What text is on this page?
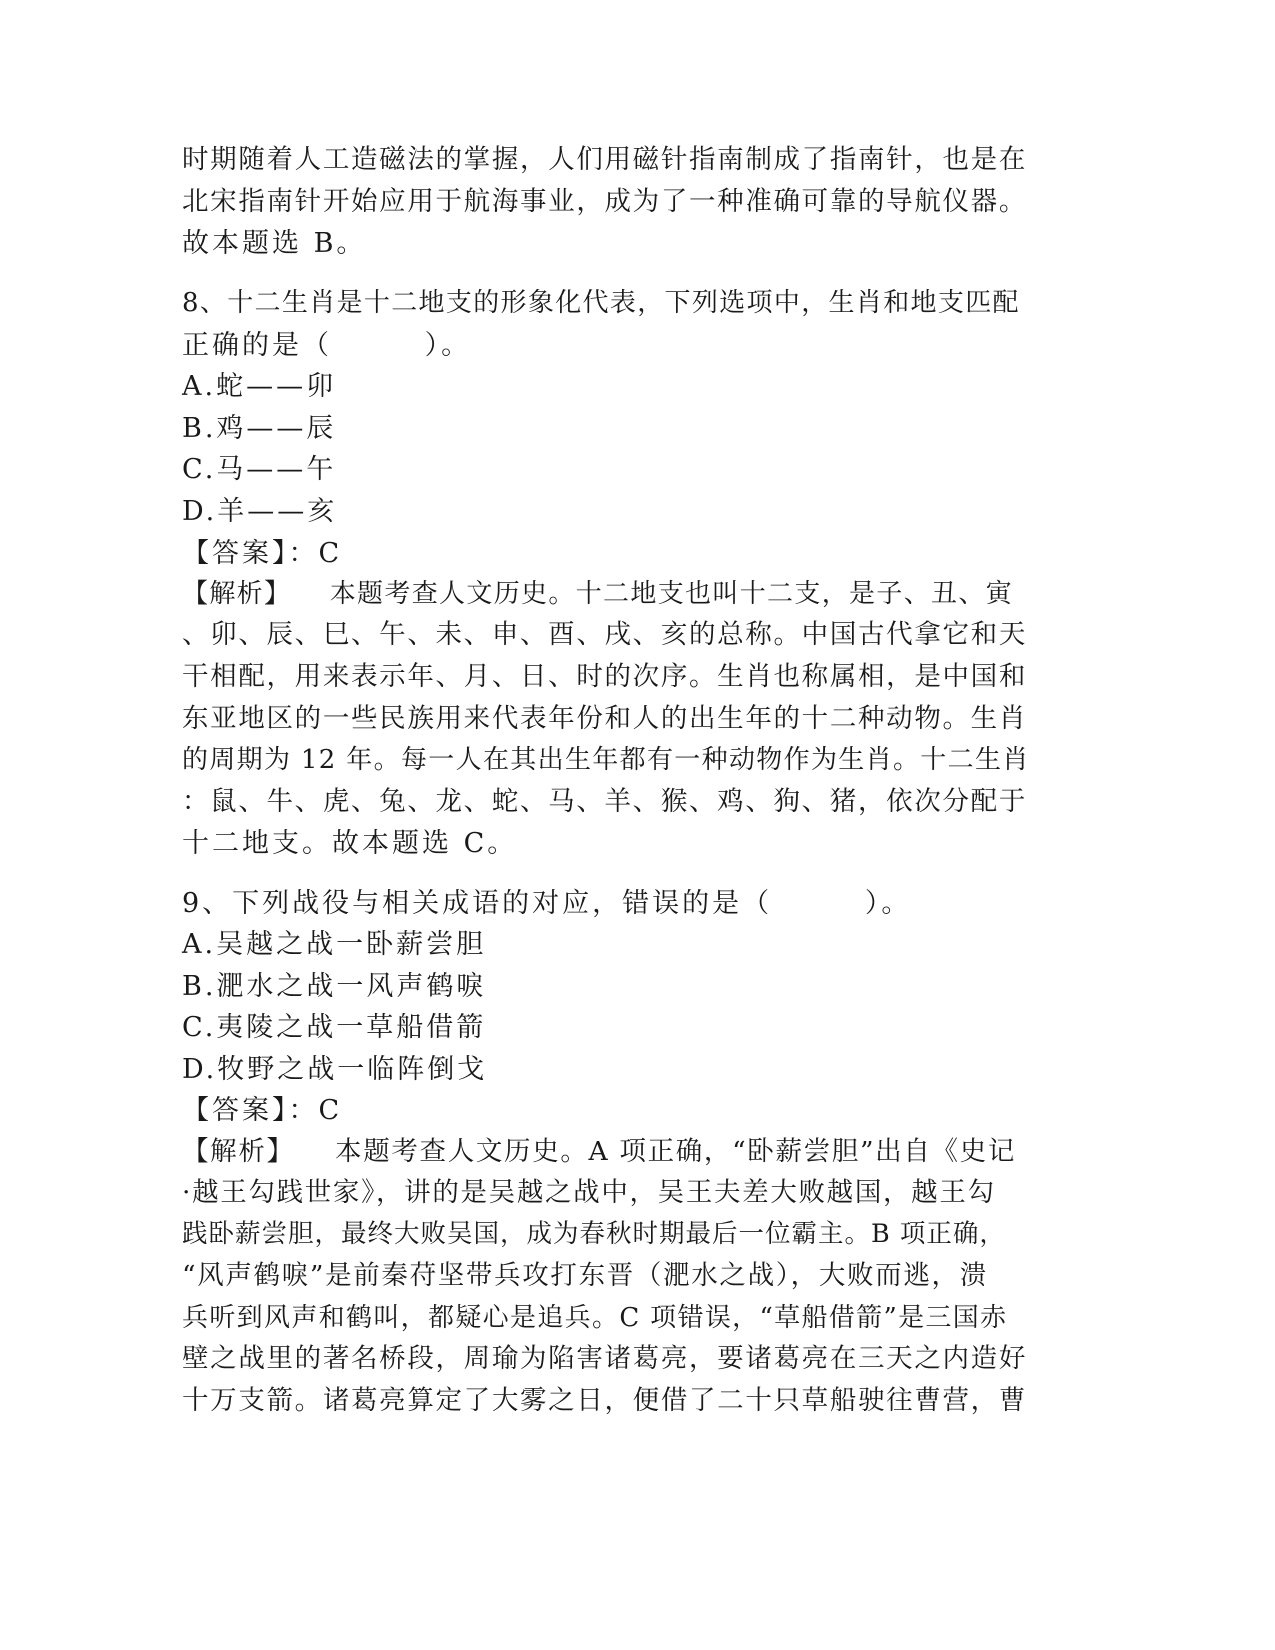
时期随着人工造磁法的掌握，人们用磁针指南制成了指南针，也是在
北宋指南针开始应用于航海事业，成为了一种准确可靠的导航仪器。
故本题选 B。
8、十二生肖是十二地支的形象化代表，下列选项中，生肖和地支匹配
正确的是（        ）。
A.蛇——卯
B.鸡——辰
C.马——午
D.羊——亥
【答案】：C
【解析】    本题考查人文历史。十二地支也叫十二支，是子、丑、寅
、卯、辰、巳、午、未、申、酉、戌、亥的总称。中国古代拿它和天
干相配，用来表示年、月、日、时的次序。生肖也称属相，是中国和
东亚地区的一些民族用来代表年份和人的出生年的十二种动物。生肖
的周期为 12 年。每一人在其出生年都有一种动物作为生肖。十二生肖
：鼠、牛、虎、兔、龙、蛇、马、羊、猴、鸡、狗、猪，依次分配于
十二地支。故本题选 C。
9、下列战役与相关成语的对应，错误的是（        ）。
A.吴越之战一卧薪尝胆
B.淝水之战一风声鹤唳
C.夷陵之战一草船借箭
D.牧野之战一临阵倒戈
【答案】：C
【解析】    本题考查人文历史。A 项正确，“卧薪尝胆”出自《史记
·越王勾践世家》，讲的是吴越之战中，吴王夫差大败越国，越王勾
践卧薪尝胆，最终大败吴国，成为春秋时期最后一位霸主。B 项正确，
“风声鹤唳”是前秦苻坚带兵攻打东晋（淝水之战），大败而逃，溃
兵听到风声和鹤叫，都疑心是追兵。C 项错误，“草船借箭”是三国赤
壁之战里的著名桥段，周瑜为陷害诸葛亮，要诸葛亮在三天之内造好
十万支箭。诸葛亮算定了大雾之日，便借了二十只草船驶往曹营，曹
